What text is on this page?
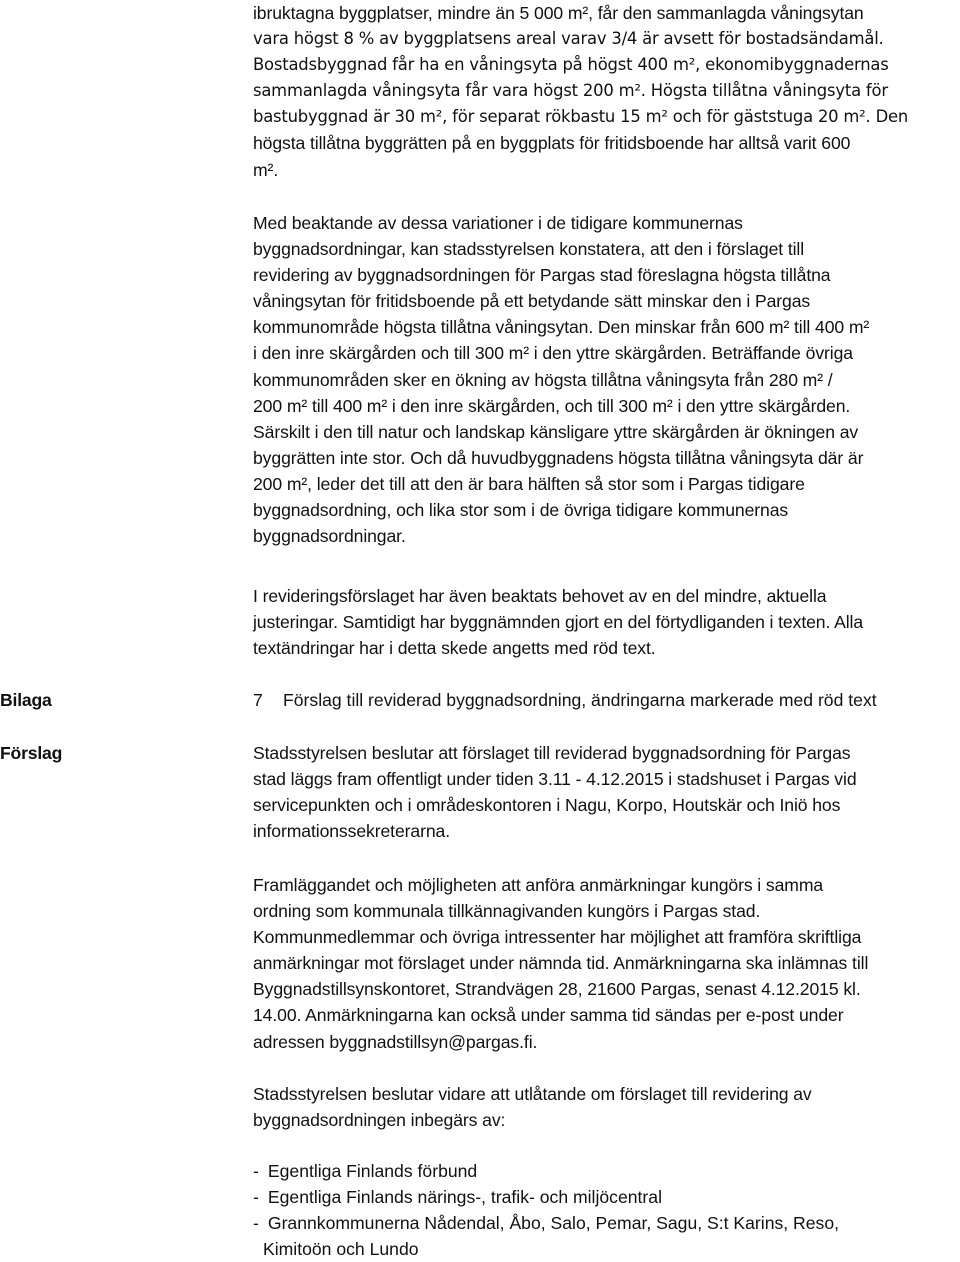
ibruktagna byggplatser, mindre än 5 000 m², får den sammanlagda våningsytan

vara högst 8 % av byggplatsens areal varav 3/4 är avsett för bostadsändamål.

Bostadsbyggnad får ha en våningsyta på högst 400 m², ekonomibyggnadernas

sammanlagda våningsyta får vara högst 200 m². Högsta tillåtna våningsyta för

bastubyggnad är 30 m², för separat rökbastu 15 m² och för gäststuga 20 m². Den

högsta tillåtna byggrätten på en byggplats för fritidsboende har alltså varit 600

m².

Med beaktande av dessa variationer i de tidigare kommunernas

byggnadsordningar, kan stadsstyrelsen konstatera, att den i förslaget till

revidering av byggnadsordningen för Pargas stad föreslagna högsta tillåtna

våningsytan för fritidsboende på ett betydande sätt minskar den i Pargas

kommunområde högsta tillåtna våningsytan. Den minskar från 600 m² till 400 m²

i den inre skärgården och till 300 m² i den yttre skärgården. Beträffande övriga

kommunområden sker en ökning av högsta tillåtna våningsyta från 280 m² /

200 m² till 400 m² i den inre skärgården, och till 300 m² i den yttre skärgården.

Särskilt i den till natur och landskap känsligare yttre skärgården är ökningen av

byggrätten inte stor. Och då huvudbyggnadens högsta tillåtna våningsyta där är

200 m², leder det till att den är bara hälften så stor som i Pargas tidigare

byggnadsordning, och lika stor som i de övriga tidigare kommunernas

byggnadsordningar.

I revideringsförslaget har även beaktats behovet av en del mindre, aktuella

justeringar. Samtidigt har byggnämnden gjort en del förtydliganden i texten. Alla

textändringar har i detta skede angetts med röd text.

Bilaga	7 Förslag till reviderad byggnadsordning, ändringarna markerade med röd text
Förslag	Stadsstyrelsen beslutar att förslaget till reviderad byggnadsordning för Pargas

stad läggs fram offentligt under tiden 3.11 - 4.12.2015 i stadshuset i Pargas vid

servicepunkten och i områdeskontoren i Nagu, Korpo, Houtskär och Iniö hos

informationssekreterarna.

Framläggandet och möjligheten att anföra anmärkningar kungörs i samma

ordning som kommunala tillkännagivanden kungörs i Pargas stad.

Kommunmedlemmar och övriga intressenter har möjlighet att framföra skriftliga

anmärkningar mot förslaget under nämnda tid. Anmärkningarna ska inlämnas till

Byggnadstillsynskontoret, Strandvägen 28, 21600 Pargas, senast 4.12.2015 kl.

14.00. Anmärkningarna kan också under samma tid sändas per e-post under

adressen byggnadstillsyn@pargas.fi.

Stadsstyrelsen beslutar vidare att utlåtande om förslaget till revidering av

byggnadsordningen inbegärs av:

- Egentliga Finlands förbund
- Egentliga Finlands närings-, trafik- och miljöcentral
- Grannkommunerna Nådendal, Åbo, Salo, Pemar, Sagu, S:t Karins, Reso,
Kimitoön och Lundo
